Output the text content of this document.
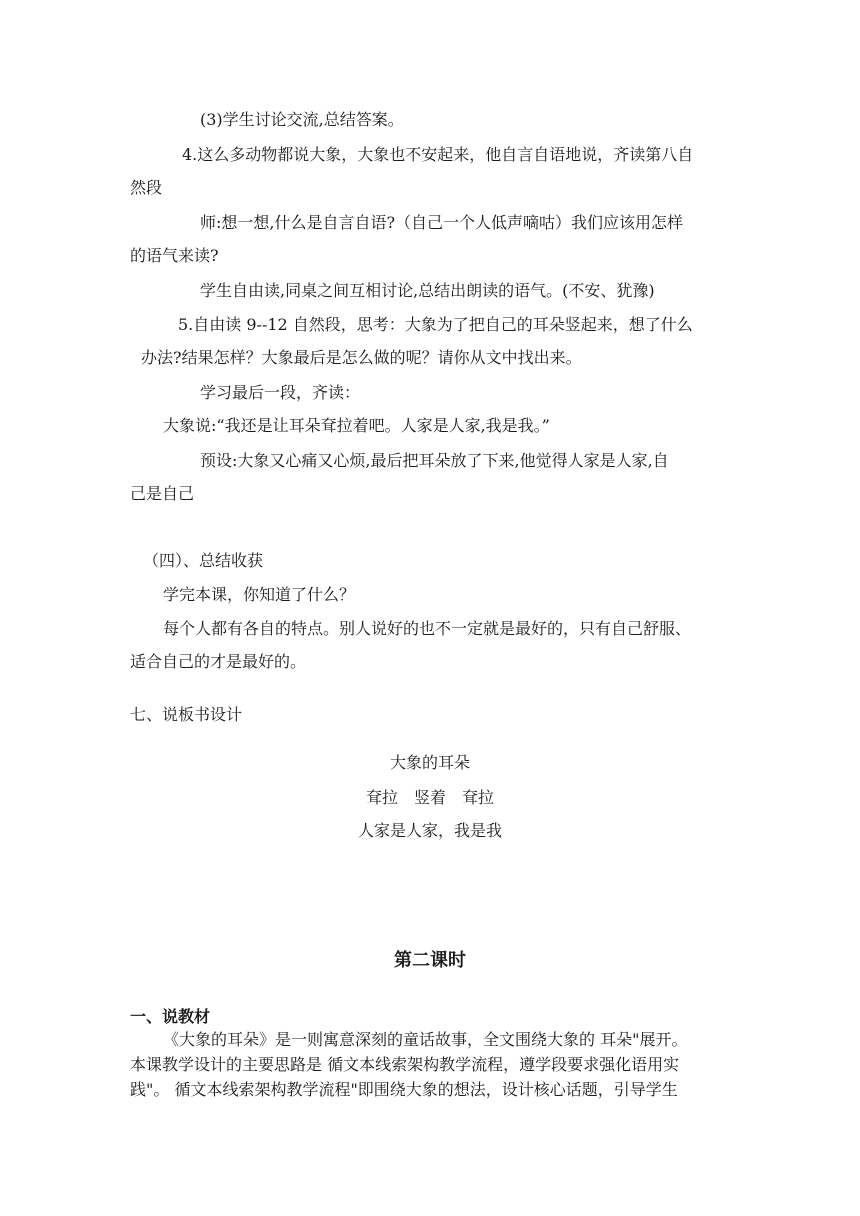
(3)学生讨论交流,总结答案。
4.这么多动物都说大象，大象也不安起来，他自言自语地说，齐读第八自
然段
师:想一想,什么是自言自语?（自己一个人低声嘀咕）我们应该用怎样
的语气来读?
学生自由读,同桌之间互相讨论,总结出朗读的语气。(不安、犹豫)
5.自由读 9--12 自然段，思考：大象为了把自己的耳朵竖起来，想了什么
办法?结果怎样？大象最后是怎么做的呢？请你从文中找出来。
学习最后一段，齐读：
大象说:“我还是让耳朵耷拉着吧。人家是人家,我是我。”
预设:大象又心痛又心烦,最后把耳朵放了下来,他觉得人家是人家,自
己是自己
（四）、总结收获
学完本课，你知道了什么？
每个人都有各自的特点。别人说好的也不一定就是最好的，只有自己舒服、
适合自己的才是最好的。
七、说板书设计
大象的耳朵
耷拉　竖着　耷拉
人家是人家，我是我
第二课时
一、说教材
《大象的耳朵》是一则寓意深刻的童话故事，全文围绕大象的 耳朵"展开。
本课教学设计的主要思路是 循文本线索架构教学流程，遵学段要求强化语用实
践"。 循文本线索架构教学流程"即围绕大象的想法，设计核心话题，引导学生
